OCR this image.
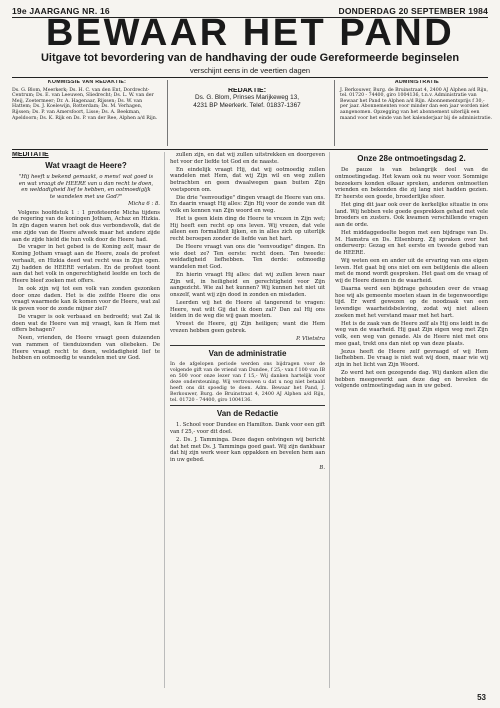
19e JAARGANG NR. 16	DONDERDAG 20 SEPTEMBER 1984
BEWAAR HET PAND
Uitgave tot bevordering van de handhaving der oude Gereformeerde beginselen
verschijnt eens in de veertien dagen
KOMMISSIE VAN REDAKTIE:
Ds. G. Blom, Meerkerk; Ds. H. C. van den Ent, Dordrecht-Centrum; Ds. E. van Leeuwen, Sliedrecht; Ds. L. W. van der Meij, Zoetermeer; Dr. A. Hagenaar, Rijssen; Ds. W. van Hattem; Ds. J. Koelewijn, Rotterdam; Ds. M. Verhagen, Rijssen; Ds. P. van Amersfoort, Lisse; Ds. A. Beekman, Apeldoorn; Ds. K. Rijk en Ds. P. van der Ree, Alphen a/d Rijn.
REDAKTIE:
Ds. G. Blom, Prinses Marijkeweg 13,
4231 BP Meerkerk. Telef. 01837-1367
ADMINISTRATIE
J. Berkouwer, Burg. de Bruinstraat 4, 2400 AJ Alphen a/d Rijn, tel. 01720 - 74400, giro 1004136, t.n.v. Administratie van Bewaar het Pand te Alphen a/d Rijn. Abonnementsprijs f 30,- per jaar. Abonnementen voor minder dan een jaar worden niet aangenomen. Opzegging van het abonnement uiterlijk een maand voor het einde van het kalenderjaar bij de administratie.
MEDITATIE
Wat vraagt de Heere?
"Hij heeft u bekend gemaakt, o mens! wat goed is en wat vraagt de HEERE van u dan recht te doen, en weldadigheid lief te hebben, en ootmoedigljk te wandelen met uw God?"
Micha 6 : 8.

Volgens hoofdstuk 1 : 1 profeteerde Micha tijdens de regering van de koningen Jotham, Achaz en Hizkia. In zijn dagen waren het ook dus verbondsvolk, dat de ene zijde van de Heere afweek maar het andere zijde aan de zijde hield die hun volk door de Heere had.

De vrager in het gebed is de Koning zelf, maar de Koning Jotham vraagt aan de Heere, zoals de profeet verhaalt, en Hizkia deed wat recht was in Zijn ogen. Zij hadden de HEERE verlaten. En de profeet toont aan dat het volk in ongerechtigheid leefde en toch de Heere bleef zoeken met offers.

In ook zijn wij tot een volk van zonden gezonken door onze daden. Het is die zelfde Heere die ons vraagt waarmede kan ik komen voor de Heere, wat zal ik geven voor de zonde mijner ziel?

De vrager is ook verbaasd en bedroefd; wat Zal ik doen wat de Heere van mij vraagt, kan ik Hem met offers behagen?

Neen, vrienden, de Heere vraagt geen duizenden van rammen of tienduizenden van oliebeken. De Heere vraagt recht te doen, weldadigheid lief te hebben en ootmoedig te wandelen met uw God.

zullen zijn, en dat wij zullen uitstrekken en doorgeven het voor der liefde tot God en de naaste.

En eindelijk vraagt Hij, dat wij ootmoedig zullen wandelen met Hem, dat wij Zijn wil en weg zullen betrachten en geen dwaalwegen gaan buiten Zijn voetsporen om.

Die drie "eenvoudige" dingen vraagt de Heere van ons. En daarin vraagt Hij alles: Zijn Hij voor de zonde van dit volk en kennen van Zijn woord en weg.

Het is geen klein ding de Heere te vrezen in Zijn wet; Hij heeft een recht op ons leven. Wij vrezen, dat vele alleen een formaliteit lijken, en in alles zich op uiterlijk recht beroepen zonder de liefde van het hart.

De Heere vraagt van ons die "eenvoudige" dingen. En wie doet ze? Ten eerste: recht doen. Ten tweede: weldadigheid liefhebben. Ten derde: ootmoedig wandelen met God.

En hierin vraagt Hij alles: dat wij zullen leven naar Zijn wil, in heiligheid en gerechtigheid voor Zijn aangezicht. Wie zal het kunnen? Wij kunnen het niet uit onszelf, want wij zijn dood in zonden en misdaden.

Leerden wij het de Heere al tangerend te vragen: Heere, wat wilt Gij dat ik doen zal? Dan zal Hij ons leiden in de weg die wij gaan moeten.

Vreest de Heere, gij Zijn heiligen; want die Hem vrezen hebben geen gebrek.

P. Vlietstra
Van de administratie
In de afgelopen periode werden ons bijdragen voor de volgende gift van de vriend van Dundee, f 25,- van f 100 van IB en 500 voor onze lezer van f 15,- Wij danken hartelijk voor deze ondersteuning. Wij vertrouwen u dat u nog niet betaald heeft ons dit spoedig te doen. Adm. Bewaar het Pand, J. Berkouwer, Burg. de Bruinstraat 4, 2400 AJ Alphen a/d Rijn, tel. 01720 - 74400, giro 1004136.
Van de Redactie

1. School voor Dundee en Hamilton. Dank voor een gift van f 25,- voor dit doel.

2. Ds. J. Tamminga. Deze dagen ontvingen wij bericht dat het met Ds. J. Tamminga goed gaat. Wij zijn dankbaar dat hij zijn werk weer kan oppakken en bevelen hem aan in uw gebed.

B.
Onze 28e ontmoetingsdag 2.

De pauze is van belangrijk deel van de ontmoetingsdag. Het kwam ook nu weer voor. Sommige bezoekers konden elkaar spreken, anderen ontmoetten vrienden en bekenden die zij lang niet hadden gezien. Er heerste een goede, broederlijke sfeer.

Het ging dit jaar ook over de kerkelijke situatie in ons land. Wij hebben vele goede gesprekken gehad met vele broeders en zusters. Ook kwamen verschillende vragen aan de orde.

Het middaggedeelte begon met een bijdrage van Ds. M. Hamstra en Ds. Ellsenburg. Zij spraken over het onderwerp: Gezag en het eerste en tweede gebod van de HEERE.

Wij weten een en ander uit de ervaring van ons eigen leven. Het gaat bij ons niet om een belijdenis die alleen met de mond wordt gesproken. Het gaat om de vraag of wij de Heere dienen in de waarheid.

Daarna werd een bijdrage gehouden over de vraag hoe wij als gemeente moeten staan in de tegenwoordige tijd. Er werd gewezen op de noodzaak van een levendige waarheidsbeleving, zodat wij niet alleen zoeken met het verstand maar met het hart.

Het is de zaak van de Heere zelf als Hij ons leidt in de weg van de waarheid. Hij gaat Zijn eigen weg met Zijn volk, een weg van genade. Als de Heere niet met ons mee gaat, trekt ons dan niet op van deze plaats.

Jezus heeft de Heere zelf gevraagd of wij Hem liefhebben. De vraag is niet wat wij doen, maar wie wij zijn in het licht van Zijn Woord.

Zo werd het een gezegende dag. Wij danken allen die hebben meegewerkt aan deze dag en bevelen de volgende ontmoetingsdag aan in uw gebed.

53
